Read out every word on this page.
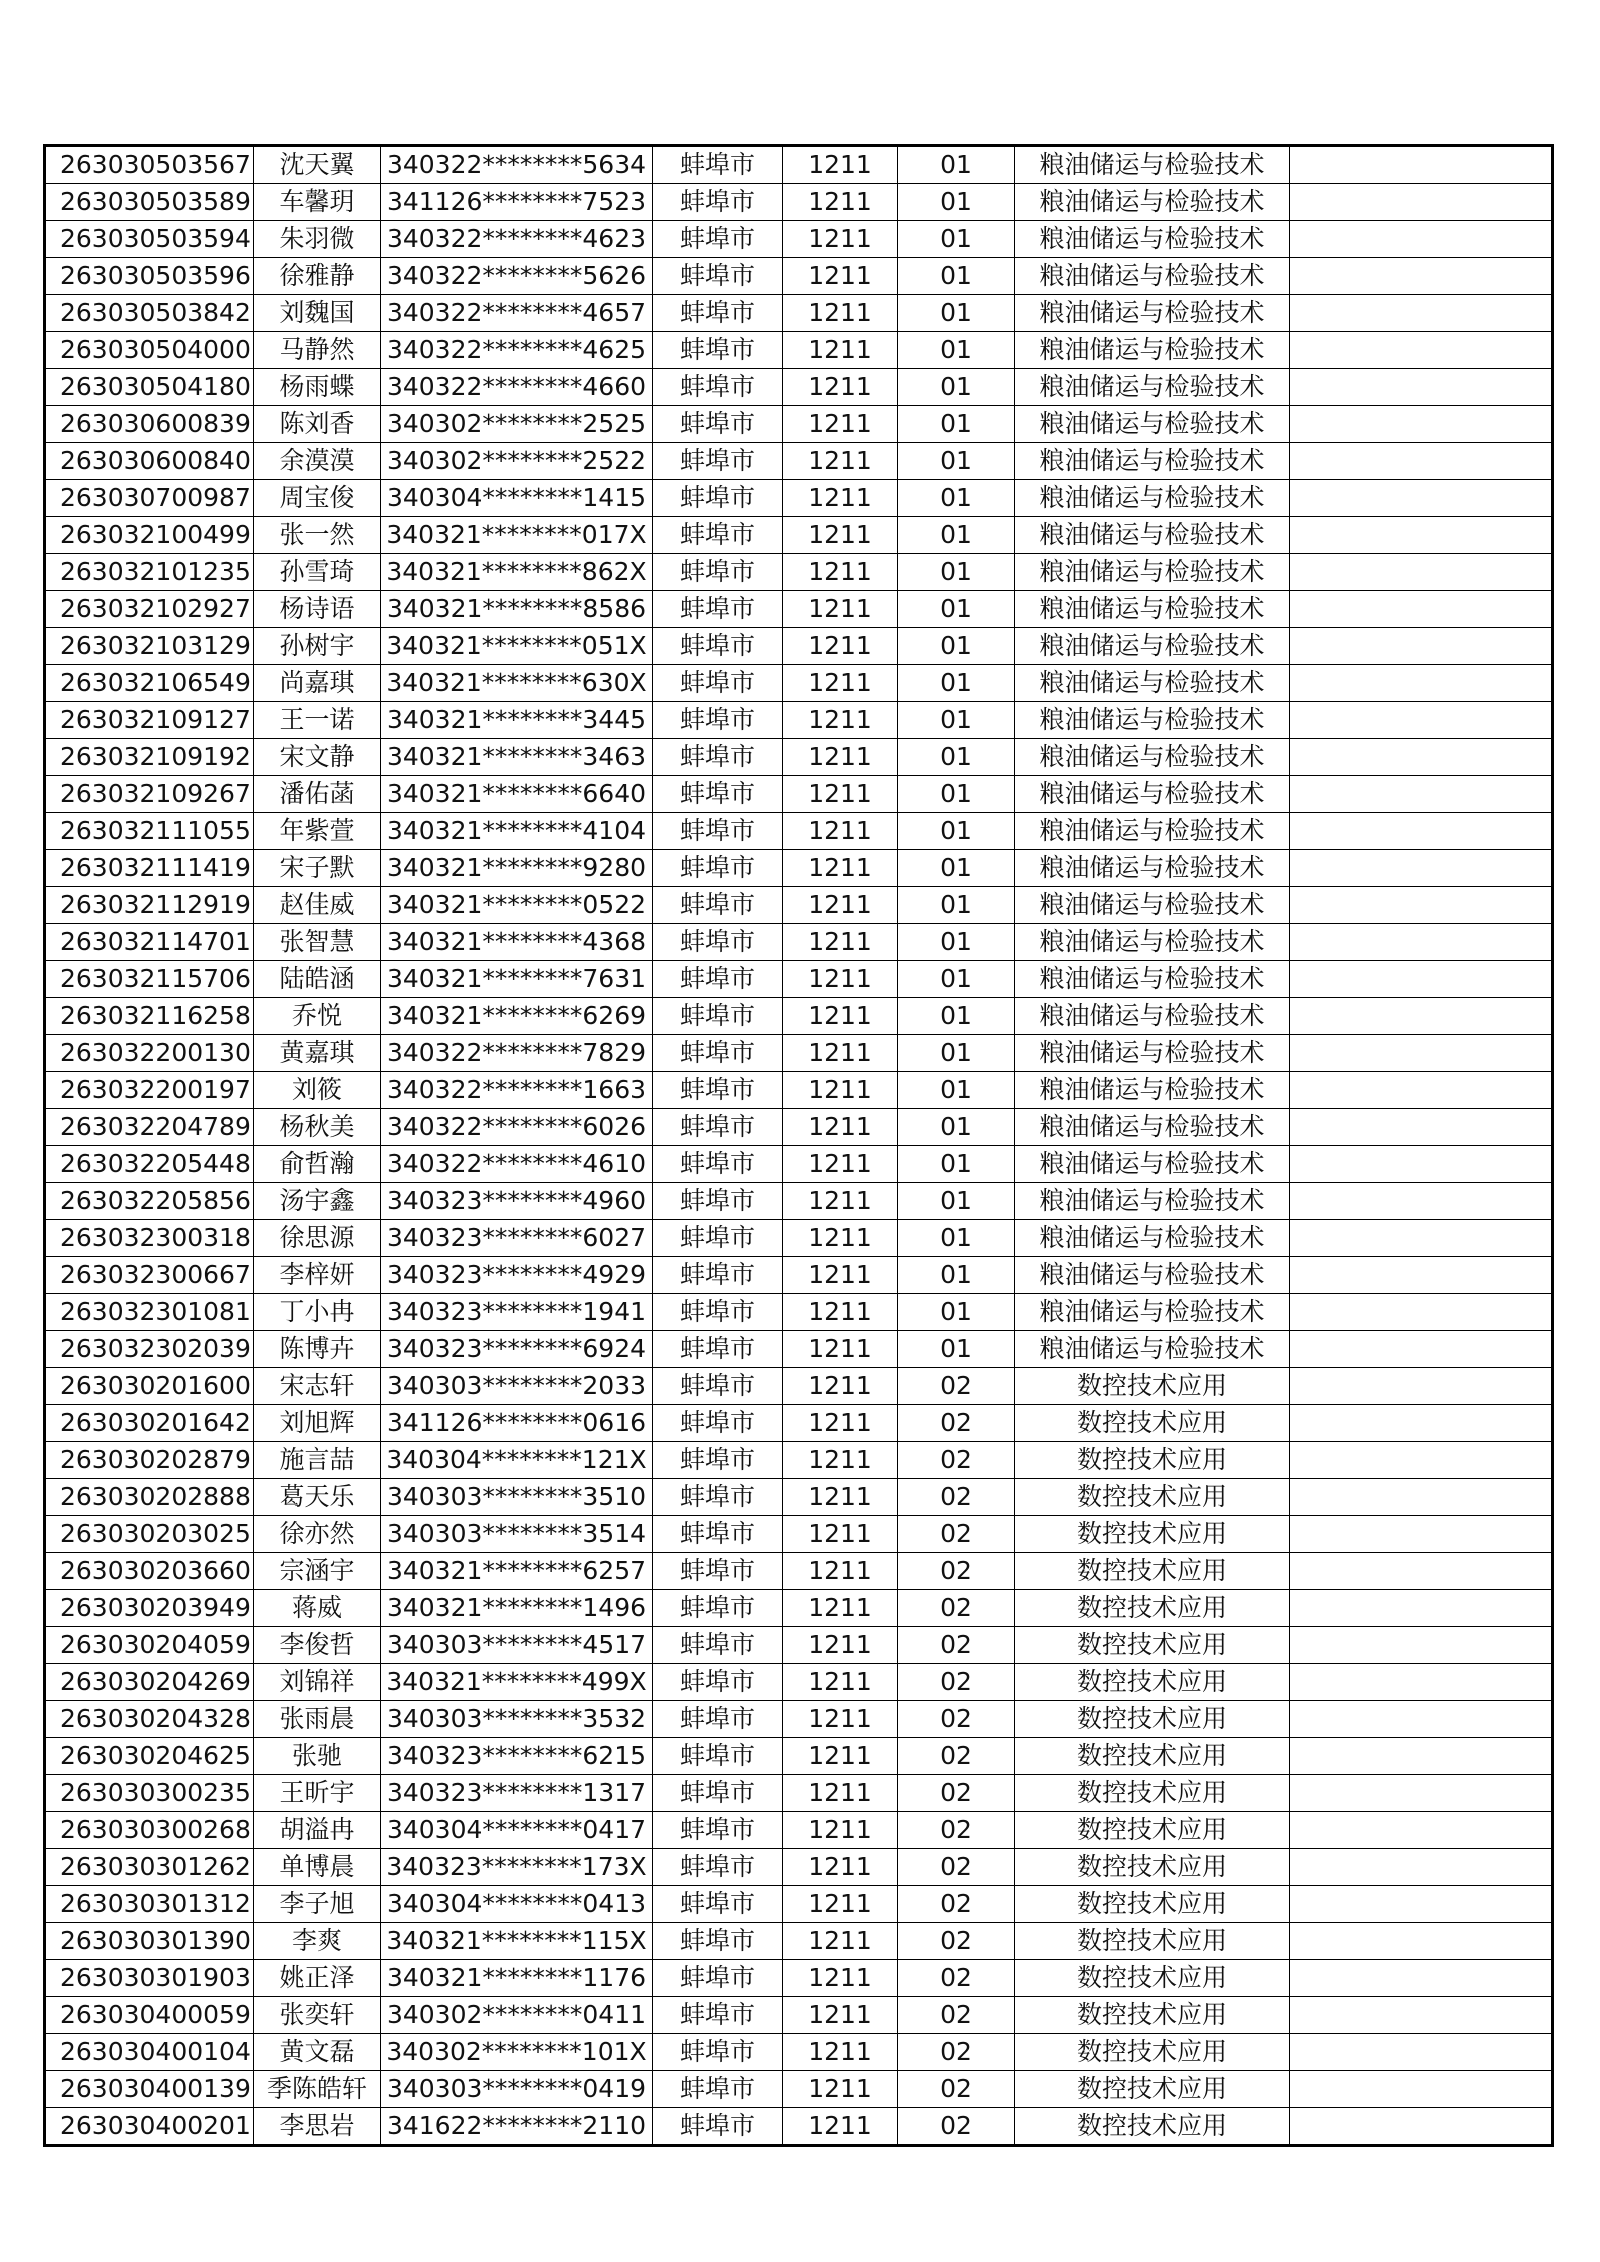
263030503567	沈天翼	340322********5634	蚌埠市	1211	01	粮油储运与检验技术	
263030503589	车馨玥	341126********7523	蚌埠市	1211	01	粮油储运与检验技术	
263030503594	朱羽微	340322********4623	蚌埠市	1211	01	粮油储运与检验技术	
263030503596	徐雅静	340322********5626	蚌埠市	1211	01	粮油储运与检验技术	
263030503842	刘魏国	340322********4657	蚌埠市	1211	01	粮油储运与检验技术	
263030504000	马静然	340322********4625	蚌埠市	1211	01	粮油储运与检验技术	
263030504180	杨雨蝶	340322********4660	蚌埠市	1211	01	粮油储运与检验技术	
263030600839	陈刘香	340302********2525	蚌埠市	1211	01	粮油储运与检验技术	
263030600840	余漠漠	340302********2522	蚌埠市	1211	01	粮油储运与检验技术	
263030700987	周宝俊	340304********1415	蚌埠市	1211	01	粮油储运与检验技术	
263032100499	张一然	340321********017X	蚌埠市	1211	01	粮油储运与检验技术	
263032101235	孙雪琦	340321********862X	蚌埠市	1211	01	粮油储运与检验技术	
263032102927	杨诗语	340321********8586	蚌埠市	1211	01	粮油储运与检验技术	
263032103129	孙树宇	340321********051X	蚌埠市	1211	01	粮油储运与检验技术	
263032106549	尚嘉琪	340321********630X	蚌埠市	1211	01	粮油储运与检验技术	
263032109127	王一诺	340321********3445	蚌埠市	1211	01	粮油储运与检验技术	
263032109192	宋文静	340321********3463	蚌埠市	1211	01	粮油储运与检验技术	
263032109267	潘佑菡	340321********6640	蚌埠市	1211	01	粮油储运与检验技术	
263032111055	年紫萱	340321********4104	蚌埠市	1211	01	粮油储运与检验技术	
263032111419	宋子默	340321********9280	蚌埠市	1211	01	粮油储运与检验技术	
263032112919	赵佳威	340321********0522	蚌埠市	1211	01	粮油储运与检验技术	
263032114701	张智慧	340321********4368	蚌埠市	1211	01	粮油储运与检验技术	
263032115706	陆皓涵	340321********7631	蚌埠市	1211	01	粮油储运与检验技术	
263032116258	乔悦	340321********6269	蚌埠市	1211	01	粮油储运与检验技术	
263032200130	黄嘉琪	340322********7829	蚌埠市	1211	01	粮油储运与检验技术	
263032200197	刘筱	340322********1663	蚌埠市	1211	01	粮油储运与检验技术	
263032204789	杨秋美	340322********6026	蚌埠市	1211	01	粮油储运与检验技术	
263032205448	俞哲瀚	340322********4610	蚌埠市	1211	01	粮油储运与检验技术	
263032205856	汤宇鑫	340323********4960	蚌埠市	1211	01	粮油储运与检验技术	
263032300318	徐思源	340323********6027	蚌埠市	1211	01	粮油储运与检验技术	
263032300667	李梓妍	340323********4929	蚌埠市	1211	01	粮油储运与检验技术	
263032301081	丁小冉	340323********1941	蚌埠市	1211	01	粮油储运与检验技术	
263032302039	陈博卉	340323********6924	蚌埠市	1211	01	粮油储运与检验技术	
263030201600	宋志轩	340303********2033	蚌埠市	1211	02	数控技术应用	
263030201642	刘旭辉	341126********0616	蚌埠市	1211	02	数控技术应用	
263030202879	施言喆	340304********121X	蚌埠市	1211	02	数控技术应用	
263030202888	葛天乐	340303********3510	蚌埠市	1211	02	数控技术应用	
263030203025	徐亦然	340303********3514	蚌埠市	1211	02	数控技术应用	
263030203660	宗涵宇	340321********6257	蚌埠市	1211	02	数控技术应用	
263030203949	蒋威	340321********1496	蚌埠市	1211	02	数控技术应用	
263030204059	李俊哲	340303********4517	蚌埠市	1211	02	数控技术应用	
263030204269	刘锦祥	340321********499X	蚌埠市	1211	02	数控技术应用	
263030204328	张雨晨	340303********3532	蚌埠市	1211	02	数控技术应用	
263030204625	张驰	340323********6215	蚌埠市	1211	02	数控技术应用	
263030300235	王昕宇	340323********1317	蚌埠市	1211	02	数控技术应用	
263030300268	胡溢冉	340304********0417	蚌埠市	1211	02	数控技术应用	
263030301262	单博晨	340323********173X	蚌埠市	1211	02	数控技术应用	
263030301312	李子旭	340304********0413	蚌埠市	1211	02	数控技术应用	
263030301390	李爽	340321********115X	蚌埠市	1211	02	数控技术应用	
263030301903	姚正泽	340321********1176	蚌埠市	1211	02	数控技术应用	
263030400059	张奕轩	340302********0411	蚌埠市	1211	02	数控技术应用	
263030400104	黄文磊	340302********101X	蚌埠市	1211	02	数控技术应用	
263030400139	季陈皓轩	340303********0419	蚌埠市	1211	02	数控技术应用	
263030400201	李思岩	341622********2110	蚌埠市	1211	02	数控技术应用	
